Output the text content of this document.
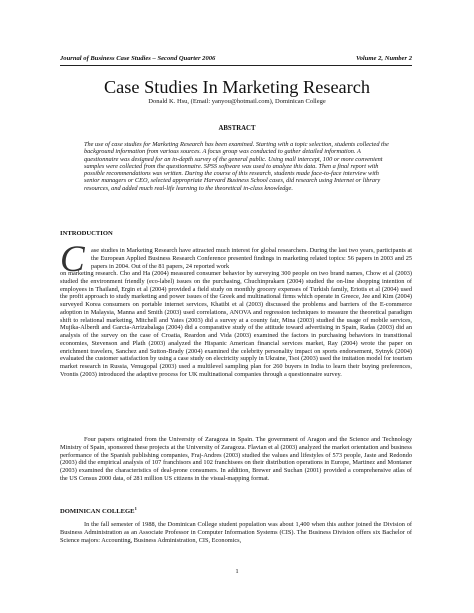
Journal of Business Case Studies – Second Quarter 2006	Volume 2, Number 2
Case Studies In Marketing Research
Donald K. Hsu, (Email: yanyou@hotmail.com), Dominican College
ABSTRACT

The use of case studies for Marketing Research has been examined. Starting with a topic selection, students collected the background information from various sources. A focus group was conducted to gather detailed information. A questionnaire was designed for an in-depth survey of the general public. Using mall intercept, 100 or more convenient samples were collected from the questionnaire. SPSS software was used to analyze this data. Then a final report with possible recommendations was written. During the course of this research, students made face-to-face interview with senior managers or CEO, selected appropriate Harvard Business School cases, did research using Internet or library resources, and added much real-life learning to the theoretical in-class knowledge.

INTRODUCTION
C ase studies in Marketing Research have attracted much interest for global researchers. During the last two years, participants at the European Applied Business Research Conference presented findings in marketing related topics: 56 papers in 2003 and 25 papers in 2004. Out of the 81 papers, 24 reported work

on marketing research. Cho and Ha (2004) measured consumer behavior by surveying 300 people on two brand names, Chow et al (2003) studied the environment friendly (eco-label) issues on the purchasing, Chuchinprakarn (2004) studied the on-line shopping intention of employees in Thailand, Ergin et al (2004) provided a field study on monthly grocery expenses of Turkish family, Eriotis et al (2004) used the profit approach to study marketing and power issues of the Greek and multinational firms which operate in Greece, Jee and Kim (2004) surveyed Korea consumers on portable internet services, Khatibi et al (2003) discussed the problems and barriers of the E-commerce adoption in Malaysia, Manna and Smith (2003) used correlations, ANOVA and regression techniques to measure the theoretical paradigm shift to relational marketing, Mitchell and Yates (2003) did a survey at a county fair, Mina (2003) studied the usage of mobile services, Mujika-Alberdi and Garcia-Arrizabalaga (2004) did a comparative study of the attitude toward advertising in Spain, Radas (2003) did an analysis of the survey on the case of Croatia, Reardon and Vida (2003) examined the factors in purchasing behaviors in transitional economies, Stevenson and Plath (2003) analyzed the Hispanic American financial services market, Ray (2004) wrote the paper on enrichment travelers, Sanchez and Sutton-Brady (2004) examined the celebrity personality impact on sports endorsement, Sytnyk (2004) evaluated the customer satisfaction by using a case study on electricity supply in Ukraine, Tsoi (2003) used the imitation model for tourism market research in Russia, Venugopal (2003) used a multilevel sampling plan for 260 buyers in India to learn their buying preferences, Vrontis (2003) introduced the adaptive process for UK multinational companies through a questionnaire survey.

Four papers originated from the University of Zaragoza in Spain. The government of Aragon and the Science and Technology Ministry of Spain, sponsored these projects at the University of Zaragoza. Flavian et al (2003) analyzed the market orientation and business performance of the Spanish publishing companies, Fraj-Andres (2003) studied the values and lifestyles of 573 people, Jaste and Redondo (2003) did the empirical analysis of 107 franchisors and 102 franchisees on their distribution operations in Europe, Martinez and Montaner (2003) examined the characteristics of deal-prone consumers. In addition, Brewer and Suchan (2001) provided a comprehensive atlas of the US Census 2000 data, of 281 million US citizens in the visual-mapping format.

DOMINICAN COLLEGE$^1$

In the fall semester of 1988, the Dominican College student population was about 1,400 when this author joined the Division of Business Administration as an Associate Professor in Computer Information Systems (CIS). The Business Division offers six Bachelor of Science majors: Accounting, Business Administration, CIS, Economics,

1
